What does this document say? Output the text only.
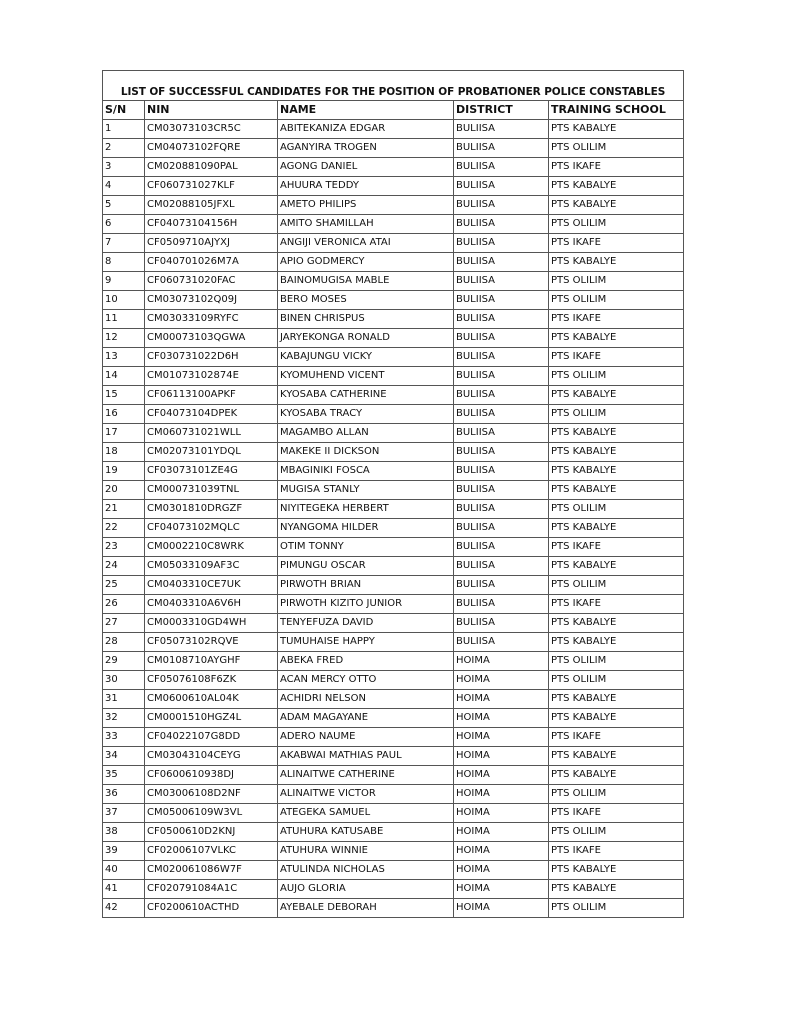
LIST OF SUCCESSFUL CANDIDATES FOR THE POSITION OF PROBATIONER POLICE CONSTABLES				
S/N	NIN	NAME	DISTRICT	TRAINING SCHOOL
1	CM03073103CR5C	ABITEKANIZA EDGAR	BULIISA	PTS KABALYE
2	CM04073102FQRE	AGANYIRA TROGEN	BULIISA	PTS OLILIM
3	CM020881090PAL	AGONG DANIEL	BULIISA	PTS IKAFE
4	CF060731027KLF	AHUURA TEDDY	BULIISA	PTS KABALYE
5	CM02088105JFXL	AMETO PHILIPS	BULIISA	PTS KABALYE
6	CF04073104156H	AMITO SHAMILLAH	BULIISA	PTS OLILIM
7	CF0509710AJYXJ	ANGIJI VERONICA ATAI	BULIISA	PTS IKAFE
8	CF040701026M7A	APIO GODMERCY	BULIISA	PTS KABALYE
9	CF060731020FAC	BAINOMUGISA MABLE	BULIISA	PTS OLILIM
10	CM03073102Q09J	BERO MOSES	BULIISA	PTS OLILIM
11	CM03033109RYFC	BINEN CHRISPUS	BULIISA	PTS IKAFE
12	CM00073103QGWA	JARYEKONGA RONALD	BULIISA	PTS KABALYE
13	CF030731022D6H	KABAJUNGU VICKY	BULIISA	PTS IKAFE
14	CM01073102874E	KYOMUHEND VICENT	BULIISA	PTS OLILIM
15	CF06113100APKF	KYOSABA CATHERINE	BULIISA	PTS KABALYE
16	CF04073104DPEK	KYOSABA TRACY	BULIISA	PTS OLILIM
17	CM060731021WLL	MAGAMBO ALLAN	BULIISA	PTS KABALYE
18	CM02073101YDQL	MAKEKE II DICKSON	BULIISA	PTS KABALYE
19	CF03073101ZE4G	MBAGINIKI FOSCA	BULIISA	PTS KABALYE
20	CM000731039TNL	MUGISA STANLY	BULIISA	PTS KABALYE
21	CM0301810DRGZF	NIYITEGEKA HERBERT	BULIISA	PTS OLILIM
22	CF04073102MQLC	NYANGOMA HILDER	BULIISA	PTS KABALYE
23	CM0002210C8WRK	OTIM TONNY	BULIISA	PTS IKAFE
24	CM05033109AF3C	PIMUNGU OSCAR	BULIISA	PTS KABALYE
25	CM0403310CE7UK	PIRWOTH BRIAN	BULIISA	PTS OLILIM
26	CM0403310A6V6H	PIRWOTH KIZITO JUNIOR	BULIISA	PTS IKAFE
27	CM0003310GD4WH	TENYEFUZA DAVID	BULIISA	PTS KABALYE
28	CF05073102RQVE	TUMUHAISE HAPPY	BULIISA	PTS KABALYE
29	CM0108710AYGHF	ABEKA FRED	HOIMA	PTS OLILIM
30	CF05076108F6ZK	ACAN MERCY OTTO	HOIMA	PTS OLILIM
31	CM0600610AL04K	ACHIDRI NELSON	HOIMA	PTS KABALYE
32	CM0001510HGZ4L	ADAM MAGAYANE	HOIMA	PTS KABALYE
33	CF04022107G8DD	ADERO NAUME	HOIMA	PTS IKAFE
34	CM03043104CEYG	AKABWAI MATHIAS PAUL	HOIMA	PTS KABALYE
35	CF0600610938DJ	ALINAITWE CATHERINE	HOIMA	PTS KABALYE
36	CM03006108D2NF	ALINAITWE VICTOR	HOIMA	PTS OLILIM
37	CM05006109W3VL	ATEGEKA SAMUEL	HOIMA	PTS IKAFE
38	CF0500610D2KNJ	ATUHURA KATUSABE	HOIMA	PTS OLILIM
39	CF02006107VLKC	ATUHURA WINNIE	HOIMA	PTS IKAFE
40	CM020061086W7F	ATULINDA NICHOLAS	HOIMA	PTS KABALYE
41	CF020791084A1C	AUJO GLORIA	HOIMA	PTS KABALYE
42	CF0200610ACTHD	AYEBALE DEBORAH	HOIMA	PTS OLILIM
